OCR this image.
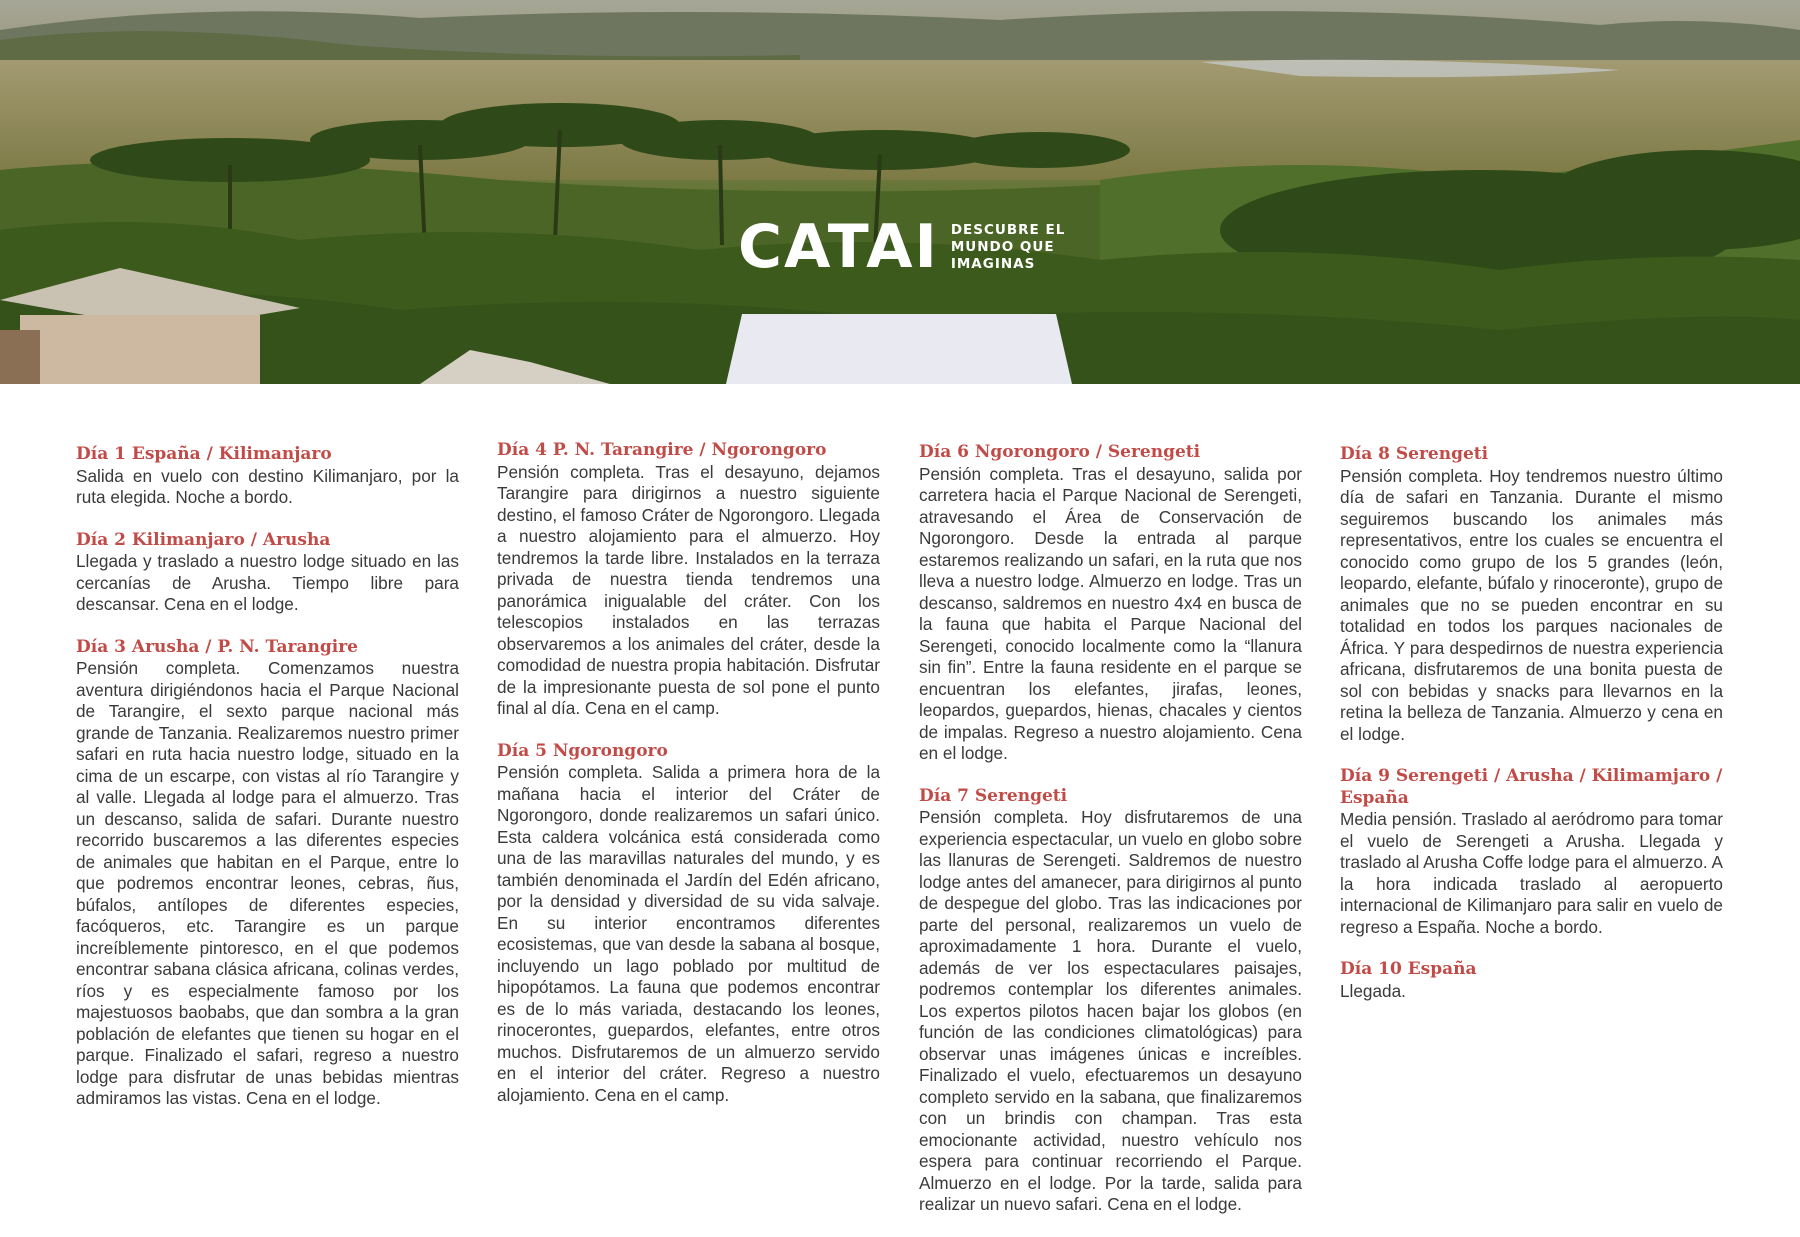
CATAI DESCUBRE EL
MUNDO QUE
IMAGINAS
Día 1 España / Kilimanjaro
Salida en vuelo con destino Kilimanjaro, por la ruta elegida. Noche a bordo.
Día 2 Kilimanjaro / Arusha
Llegada y traslado a nuestro lodge situado en las cercanías de Arusha. Tiempo libre para descansar. Cena en el lodge.
Día 3 Arusha / P. N. Tarangire
Pensión completa. Comenzamos nuestra aventura dirigiéndonos hacia el Parque Nacional de Tarangire, el sexto parque nacional más grande de Tanzania. Realizaremos nuestro primer safari en ruta hacia nuestro lodge, situado en la cima de un escarpe, con vistas al río Tarangire y al valle. Llegada al lodge para el almuerzo. Tras un descanso, salida de safari. Durante nuestro recorrido buscaremos a las diferentes especies de animales que habitan en el Parque, entre lo que podremos encontrar leones, cebras, ñus, búfalos, antílopes de diferentes especies, facóqueros, etc. Tarangire es un parque increíblemente pintoresco, en el que podemos encontrar sabana clásica africana, colinas verdes, ríos y es especialmente famoso por los majestuosos baobabs, que dan sombra a la gran población de elefantes que tienen su hogar en el parque. Finalizado el safari, regreso a nuestro lodge para disfrutar de unas bebidas mientras admiramos las vistas. Cena en el lodge.
Día 4 P. N. Tarangire / Ngorongoro
Pensión completa. Tras el desayuno, dejamos Tarangire para dirigirnos a nuestro siguiente destino, el famoso Cráter de Ngorongoro. Llegada a nuestro alojamiento para el almuerzo. Hoy tendremos la tarde libre. Instalados en la terraza privada de nuestra tienda tendremos una panorámica inigualable del cráter. Con los telescopios instalados en las terrazas observaremos a los animales del cráter, desde la comodidad de nuestra propia habitación. Disfrutar de la impresionante puesta de sol pone el punto final al día. Cena en el camp.
Día 5 Ngorongoro
Pensión completa. Salida a primera hora de la mañana hacia el interior del Cráter de Ngorongoro, donde realizaremos un safari único. Esta caldera volcánica está considerada como una de las maravillas naturales del mundo, y es también denominada el Jardín del Edén africano, por la densidad y diversidad de su vida salvaje. En su interior encontramos diferentes ecosistemas, que van desde la sabana al bosque, incluyendo un lago poblado por multitud de hipopótamos. La fauna que podemos encontrar es de lo más variada, destacando los leones, rinocerontes, guepardos, elefantes, entre otros muchos. Disfrutaremos de un almuerzo servido en el interior del cráter. Regreso a nuestro alojamiento. Cena en el camp.
Día 6 Ngorongoro / Serengeti
Pensión completa. Tras el desayuno, salida por carretera hacia el Parque Nacional de Serengeti, atravesando el Área de Conservación de Ngorongoro. Desde la entrada al parque estaremos realizando un safari, en la ruta que nos lleva a nuestro lodge. Almuerzo en lodge. Tras un descanso, saldremos en nuestro 4x4 en busca de la fauna que habita el Parque Nacional del Serengeti, conocido localmente como la “llanura sin fin”. Entre la fauna residente en el parque se encuentran los elefantes, jirafas, leones, leopardos, guepardos, hienas, chacales y cientos de impalas. Regreso a nuestro alojamiento. Cena en el lodge.
Día 7 Serengeti
Pensión completa. Hoy disfrutaremos de una experiencia espectacular, un vuelo en globo sobre las llanuras de Serengeti. Saldremos de nuestro lodge antes del amanecer, para dirigirnos al punto de despegue del globo. Tras las indicaciones por parte del personal, realizaremos un vuelo de aproximadamente 1 hora. Durante el vuelo, además de ver los espectaculares paisajes, podremos contemplar los diferentes animales. Los expertos pilotos hacen bajar los globos (en función de las condiciones climatológicas) para observar unas imágenes únicas e increíbles. Finalizado el vuelo, efectuaremos un desayuno completo servido en la sabana, que finalizaremos con un brindis con champan. Tras esta emocionante actividad, nuestro vehículo nos espera para continuar recorriendo el Parque. Almuerzo en el lodge. Por la tarde, salida para realizar un nuevo safari. Cena en el lodge.
Día 8 Serengeti
Pensión completa. Hoy tendremos nuestro último día de safari en Tanzania. Durante el mismo seguiremos buscando los animales más representativos, entre los cuales se encuentra el conocido como grupo de los 5 grandes (león, leopardo, elefante, búfalo y rinoceronte), grupo de animales que no se pueden encontrar en su totalidad en todos los parques nacionales de África. Y para despedirnos de nuestra experiencia africana, disfrutaremos de una bonita puesta de sol con bebidas y snacks para llevarnos en la retina la belleza de Tanzania. Almuerzo y cena en el lodge.
Día 9 Serengeti / Arusha / Kilimamjaro / España
Media pensión. Traslado al aeródromo para tomar el vuelo de Serengeti a Arusha. Llegada y traslado al Arusha Coffe lodge para el almuerzo. A la hora indicada traslado al aeropuerto internacional de Kilimanjaro para salir en vuelo de regreso a España. Noche a bordo.
Día 10 España
Llegada.
